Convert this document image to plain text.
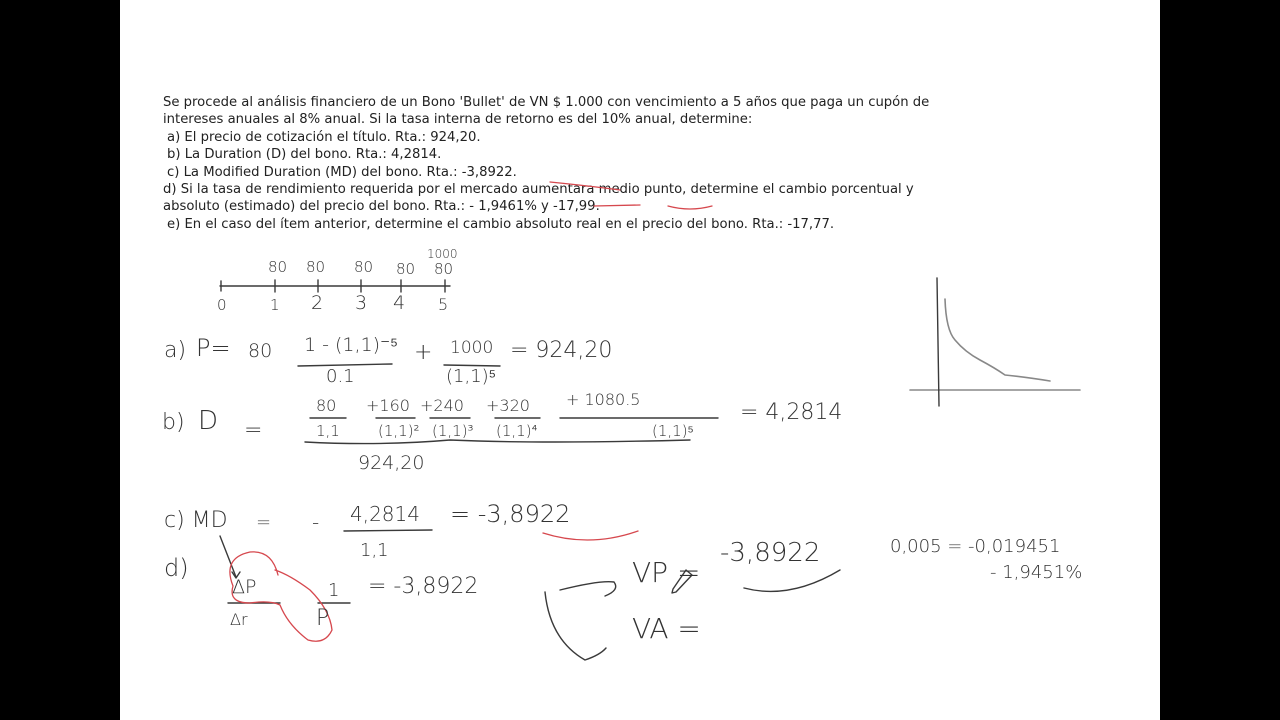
Se procede al análisis financiero de un Bono 'Bullet' de VN $ 1.000 con vencimiento a 5 años que paga un cupón de
intereses anuales al 8% anual. Si la tasa interna de retorno es del 10% anual, determine:
a) El precio de cotización el título. Rta.: 924,20.
b) La Duration (D) del bono. Rta.: 4,2814.
c) La Modified Duration (MD) del bono. Rta.: -3,8922.
d) Si la tasa de rendimiento requerida por el mercado aumentara medio punto, determine el cambio porcentual y
absoluto (estimado) del precio del bono. Rta.: - 1,9461% y -17,99.
e) En el caso del ítem anterior, determine el cambio absoluto real en el precio del bono. Rta.: -17,77.
80 80 80 80 80
1000
0	1 2 3 4 5
a) P= 80 1 - (1,1)⁻⁵
0.1
+ 1000
(1,1)⁵
= 924,20
b) D =
80
1,1
+160
(1,1)²
+240
(1,1)³
+320
(1,1)⁴
+ 1080.5
(1,1)⁵
924,20
= 4,2814
c) MD = - 4,2814
1,1
= -3,8922
d)
ΔP
Δr
1
P
= -3,8922	VP =
-3,8922
VA =
0,005 = -0,019451
- 1,9451%
